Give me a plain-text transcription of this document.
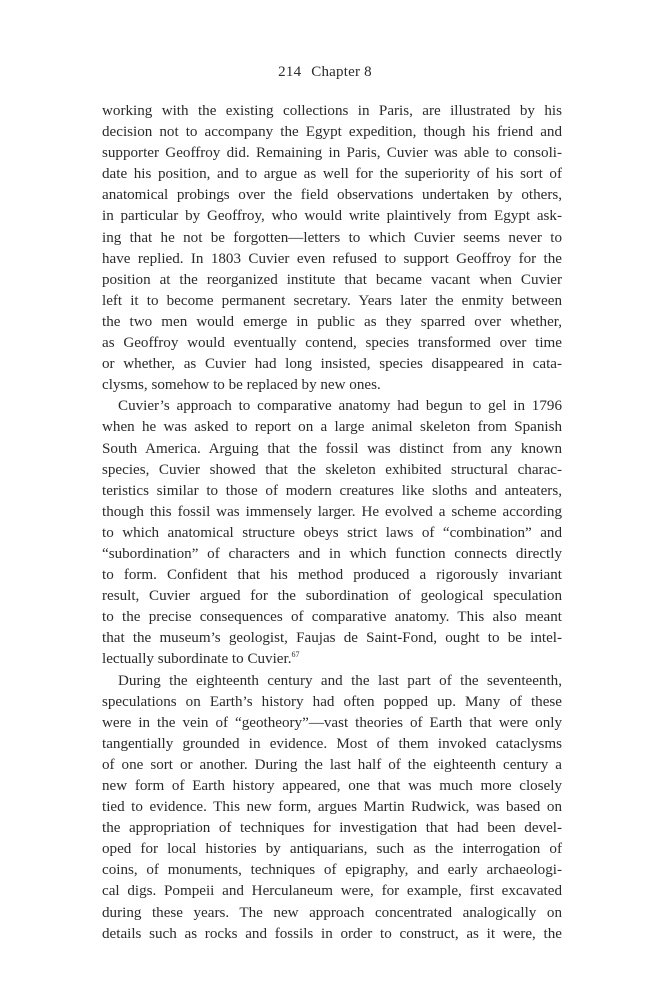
214 Chapter 8
working with the existing collections in Paris, are illustrated by his
decision not to accompany the Egypt expedition, though his friend and
supporter Geoffroy did. Remaining in Paris, Cuvier was able to consoli-
date his position, and to argue as well for the superiority of his sort of
anatomical probings over the field observations undertaken by others,
in particular by Geoffroy, who would write plaintively from Egypt ask-
ing that he not be forgotten—letters to which Cuvier seems never to
have replied. In 1803 Cuvier even refused to support Geoffroy for the
position at the reorganized institute that became vacant when Cuvier
left it to become permanent secretary. Years later the enmity between
the two men would emerge in public as they sparred over whether,
as Geoffroy would eventually contend, species transformed over time
or whether, as Cuvier had long insisted, species disappeared in cata-
clysms, somehow to be replaced by new ones.
Cuvier’s approach to comparative anatomy had begun to gel in 1796
when he was asked to report on a large animal skeleton from Spanish
South America. Arguing that the fossil was distinct from any known
species, Cuvier showed that the skeleton exhibited structural charac-
teristics similar to those of modern creatures like sloths and anteaters,
though this fossil was immensely larger. He evolved a scheme according
to which anatomical structure obeys strict laws of “combination” and
“subordination” of characters and in which function connects directly
to form. Confident that his method produced a rigorously invariant
result, Cuvier argued for the subordination of geological speculation
to the precise consequences of comparative anatomy. This also meant
that the museum’s geologist, Faujas de Saint-Fond, ought to be intel-
lectually subordinate to Cuvier.$^{67}$
During the eighteenth century and the last part of the seventeenth,
speculations on Earth’s history had often popped up. Many of these
were in the vein of “geotheory”—vast theories of Earth that were only
tangentially grounded in evidence. Most of them invoked cataclysms
of one sort or another. During the last half of the eighteenth century a
new form of Earth history appeared, one that was much more closely
tied to evidence. This new form, argues Martin Rudwick, was based on
the appropriation of techniques for investigation that had been devel-
oped for local histories by antiquarians, such as the interrogation of
coins, of monuments, techniques of epigraphy, and early archaeologi-
cal digs. Pompeii and Herculaneum were, for example, first excavated
during these years. The new approach concentrated analogically on
details such as rocks and fossils in order to construct, as it were, the
